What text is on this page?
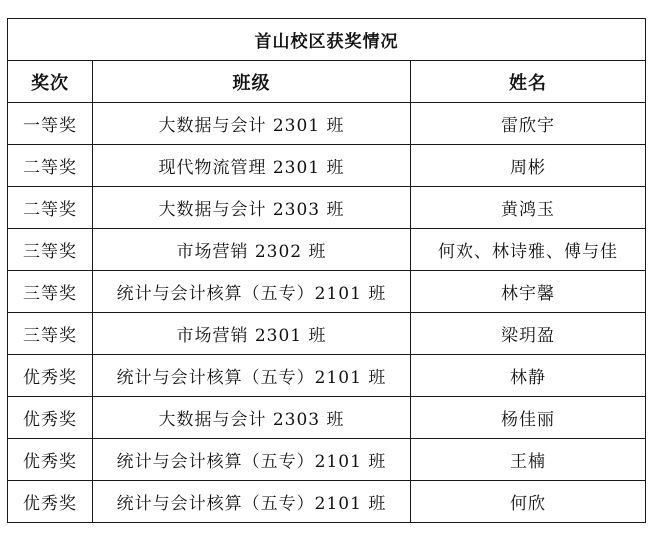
首山校区获奖情况		
奖次	班级	姓名
一等奖	大数据与会计 2301 班	雷欣宇
二等奖	现代物流管理 2301 班	周彬
二等奖	大数据与会计 2303 班	黄鸿玉
三等奖	市场营销 2302 班	何欢、林诗雅、傅与佳
三等奖	统计与会计核算（五专）2101 班	林宇馨
三等奖	市场营销 2301 班	梁玥盈
优秀奖	统计与会计核算（五专）2101 班	林静
优秀奖	大数据与会计 2303 班	杨佳丽
优秀奖	统计与会计核算（五专）2101 班	王楠
优秀奖	统计与会计核算（五专）2101 班	何欣
